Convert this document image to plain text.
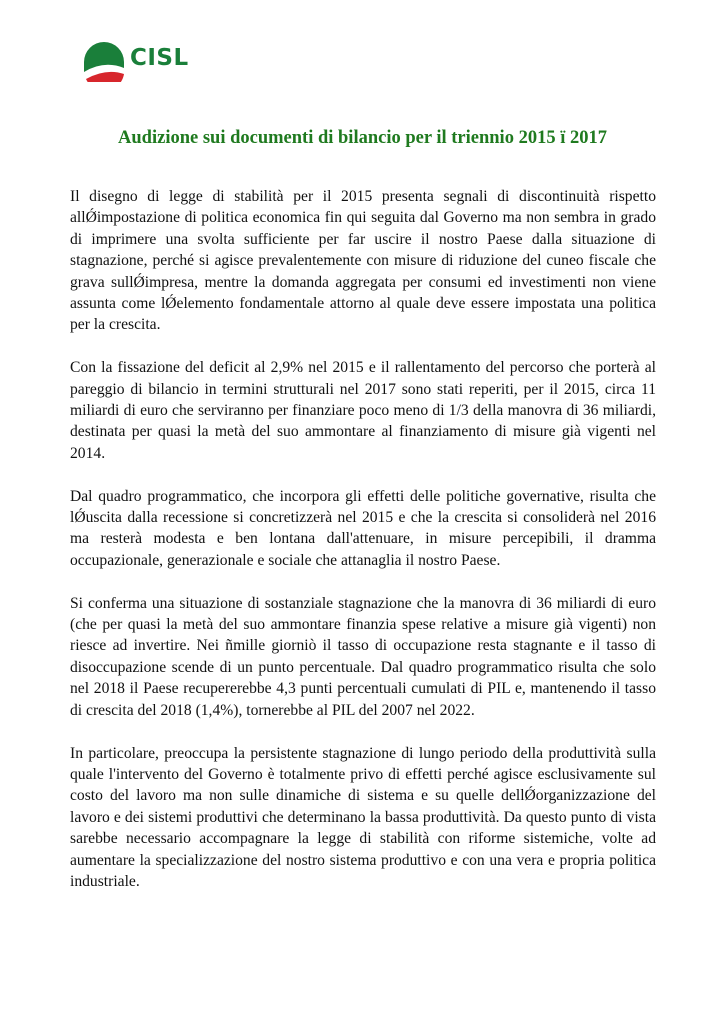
CISL
Audizione sui documenti di bilancio per il triennio 2015 ï 2017

Il disegno di legge di stabilità per il 2015 presenta segnali di discontinuità rispetto allǾimpostazione di politica economica fin qui seguita dal Governo ma non sembra in grado di imprimere una svolta sufficiente per far uscire il nostro Paese dalla situazione di stagnazione, perché si agisce prevalentemente con misure di riduzione del cuneo fiscale che grava sullǾimpresa, mentre la domanda aggregata per consumi ed investimenti non viene assunta come lǾelemento fondamentale attorno al quale deve essere impostata una politica per la crescita.

Con la fissazione del deficit al 2,9% nel 2015 e il rallentamento del percorso che porterà al pareggio di bilancio in termini strutturali nel 2017 sono stati reperiti, per il 2015, circa 11 miliardi di euro che serviranno per finanziare poco meno di 1/3 della manovra di 36 miliardi, destinata per quasi la metà del suo ammontare al finanziamento di misure già vigenti nel 2014.

Dal quadro programmatico, che incorpora gli effetti delle politiche governative, risulta che lǾuscita dalla recessione si concretizzerà nel 2015 e che la crescita si consoliderà nel 2016 ma resterà modesta e ben lontana dall'attenuare, in misure percepibili, il dramma occupazionale, generazionale e sociale che attanaglia il nostro Paese.

Si conferma una situazione di sostanziale stagnazione che la manovra di 36 miliardi di euro (che per quasi la metà del suo ammontare finanzia spese relative a misure già vigenti) non riesce ad invertire. Nei ñmille giorniò il tasso di occupazione resta stagnante e il tasso di disoccupazione scende di un punto percentuale. Dal quadro programmatico risulta che solo nel 2018 il Paese recupererebbe 4,3 punti percentuali cumulati di PIL e, mantenendo il tasso di crescita del 2018 (1,4%), tornerebbe al PIL del 2007 nel 2022.

In particolare, preoccupa la persistente stagnazione di lungo periodo della produttività sulla quale l'intervento del Governo è totalmente privo di effetti perché agisce esclusivamente sul costo del lavoro ma non sulle dinamiche di sistema e su quelle dellǾorganizzazione del lavoro e dei sistemi produttivi che determinano la bassa produttività. Da questo punto di vista sarebbe necessario accompagnare la legge di stabilità con riforme sistemiche, volte ad aumentare la specializzazione del nostro sistema produttivo e con una vera e propria politica industriale.
